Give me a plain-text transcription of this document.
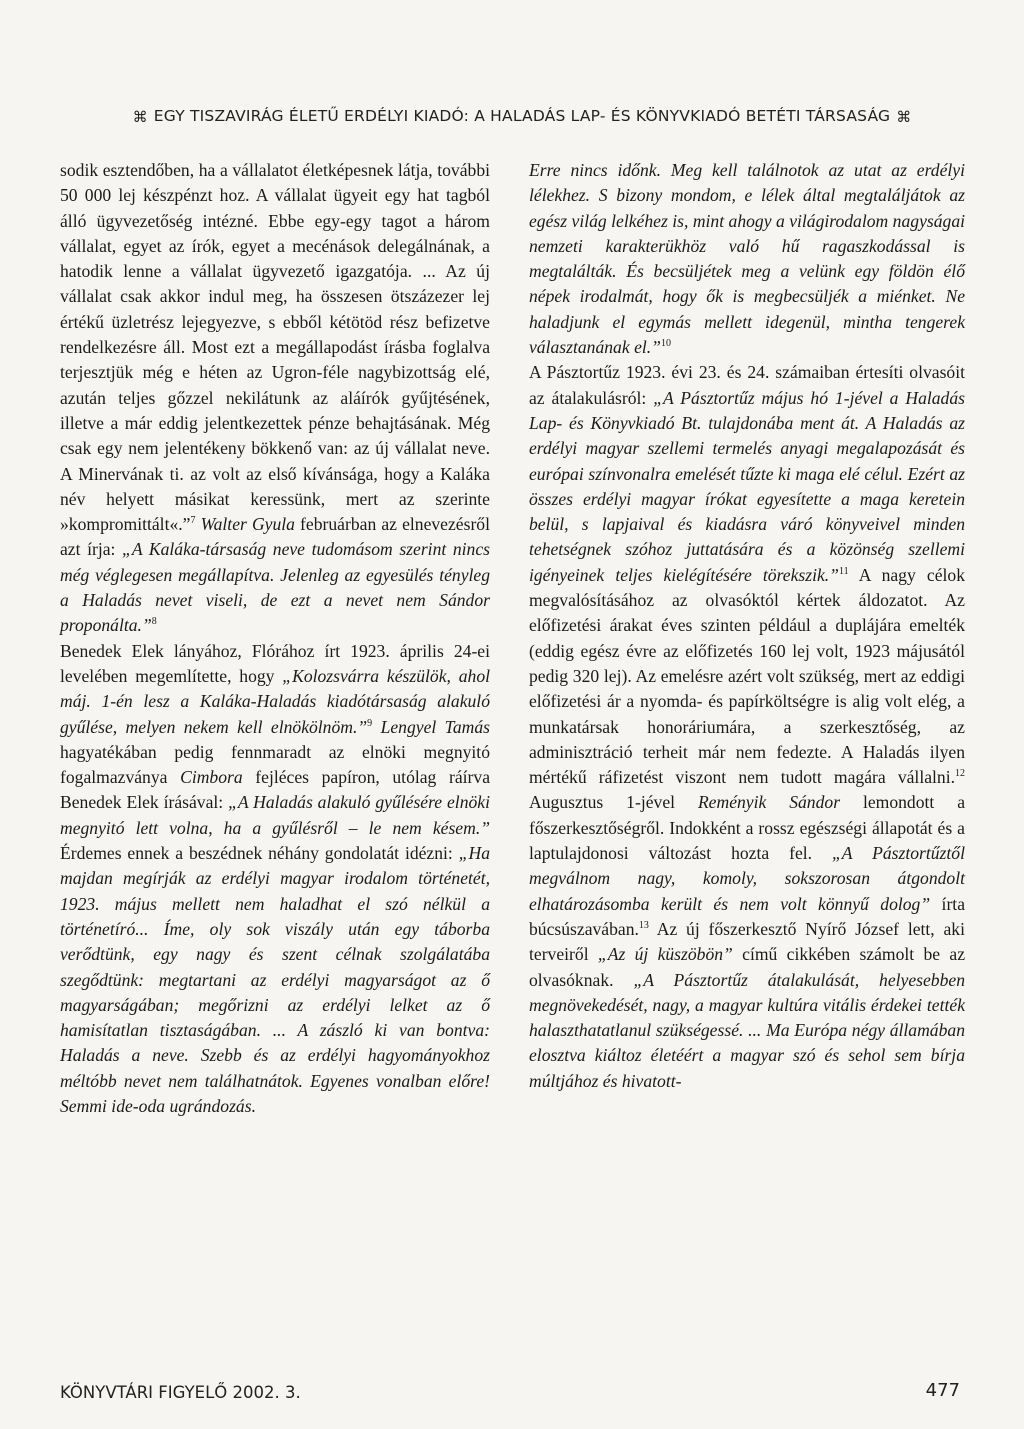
⌘ EGY TISZAVIRÁG ÉLETŰ ERDÉLYI KIADÓ: A HALADÁS LAP- ÉS KÖNYVKIADÓ BETÉTI TÁRSASÁG ⌘

sodik esztendőben, ha a vállalatot életképesnek látja, további 50 000 lej készpénzt hoz. A vállalat ügyeit egy hat tagból álló ügyvezetőség intézné. Ebbe egy-egy tagot a három vállalat, egyet az írók, egyet a mecénások delegálnának, a hatodik lenne a vállalat ügyvezető igazgatója. ... Az új vállalat csak akkor indul meg, ha összesen ötszázezer lej értékű üzletrész lejegyezve, s ebből kétötöd rész befizetve rendelkezésre áll. Most ezt a megállapodást írásba foglalva terjesztjük még e héten az Ugron-féle nagybizottság elé, azután teljes gőzzel nekilátunk az aláírók gyűjtésének, illetve a már eddig jelentkezettek pénze behajtásának. Még csak egy nem jelentékeny bökkenő van: az új vállalat neve. A Minervának ti. az volt az első kívánsága, hogy a Kaláka név helyett másikat keressünk, mert az szerinte »kompromittált«.”$^7$ Walter Gyula februárban az elnevezésről azt írja: „A Kaláka-társaság neve tudomásom szerint nincs még véglegesen megállapítva. Jelenleg az egyesülés tényleg a Haladás nevet viseli, de ezt a nevet nem Sándor proponálta.”$^8$

Benedek Elek lányához, Flórához írt 1923. április 24-ei levelében megemlítette, hogy „Kolozsvárra készülök, ahol máj. 1-én lesz a Kaláka-Haladás kiadótársaság alakuló gyűlése, melyen nekem kell elnökölnöm.”$^9$ Lengyel Tamás hagyatékában pedig fennmaradt az elnöki megnyitó fogalmazványa Cimbora fejléces papíron, utólag ráírva Benedek Elek írásával: „A Haladás alakuló gyűlésére elnöki megnyitó lett volna, ha a gyűlésről – le nem késem.” Érdemes ennek a beszédnek néhány gondolatát idézni: „Ha majdan megírják az erdélyi magyar irodalom történetét, 1923. május mellett nem haladhat el szó nélkül a történetíró... Íme, oly sok viszály után egy táborba verődtünk, egy nagy és szent célnak szolgálatába szegődtünk: megtartani az erdélyi magyarságot az ő magyarságában; megőrizni az erdélyi lelket az ő hamisítatlan tisztaságában. ... A zászló ki van bontva: Haladás a neve. Szebb és az erdélyi hagyományokhoz méltóbb nevet nem találhatnátok. Egyenes vonalban előre! Semmi ide-oda ugrándozás.

Erre nincs időnk. Meg kell találnotok az utat az erdélyi lélekhez. S bizony mondom, e lélek által megtaláljátok az egész világ lelkéhez is, mint ahogy a világirodalom nagyságai nemzeti karakterükhöz való hű ragaszkodással is megtalálták. És becsüljétek meg a velünk egy földön élő népek irodalmát, hogy ők is megbecsüljék a miénket. Ne haladjunk el egymás mellett idegenül, mintha tengerek választanának el.”$^{10}$

A Pásztortűz 1923. évi 23. és 24. számaiban értesíti olvasóit az átalakulásról: „A Pásztortűz május hó 1-jével a Haladás Lap- és Könyvkiadó Bt. tulajdonába ment át. A Haladás az erdélyi magyar szellemi termelés anyagi megalapozását és európai színvonalra emelését tűzte ki maga elé célul. Ezért az összes erdélyi magyar írókat egyesítette a maga keretein belül, s lapjaival és kiadásra váró könyveivel minden tehetségnek szóhoz juttatására és a közönség szellemi igényeinek teljes kielégítésére törekszik.”$^{11}$ A nagy célok megvalósításához az olvasóktól kértek áldozatot. Az előfizetési árakat éves szinten például a duplájára emelték (eddig egész évre az előfizetés 160 lej volt, 1923 májusától pedig 320 lej). Az emelésre azért volt szükség, mert az eddigi előfizetési ár a nyomda- és papírköltségre is alig volt elég, a munkatársak honoráriumára, a szerkesztőség, az adminisztráció terheit már nem fedezte. A Haladás ilyen mértékű ráfizetést viszont nem tudott magára vállalni.$^{12}$ Augusztus 1-jével Reményik Sándor lemondott a főszerkesztőségről. Indokként a rossz egészségi állapotát és a laptulajdonosi változást hozta fel. „A Pásztortűztől megválnom nagy, komoly, sokszorosan átgondolt elhatározásomba került és nem volt könnyű dolog” írta búcsúszavában.$^{13}$ Az új főszerkesztő Nyírő József lett, aki terveiről „Az új küszöbön” című cikkében számolt be az olvasóknak. „A Pásztortűz átalakulását, helyesebben megnövekedését, nagy, a magyar kultúra vitális érdekei tették halaszthatatlanul szükségessé. ... Ma Európa négy államában elosztva kiáltoz életéért a magyar szó és sehol sem bírja múltjához és hivatott-

KÖNYVTÁRI FIGYELŐ 2002. 3.	477
